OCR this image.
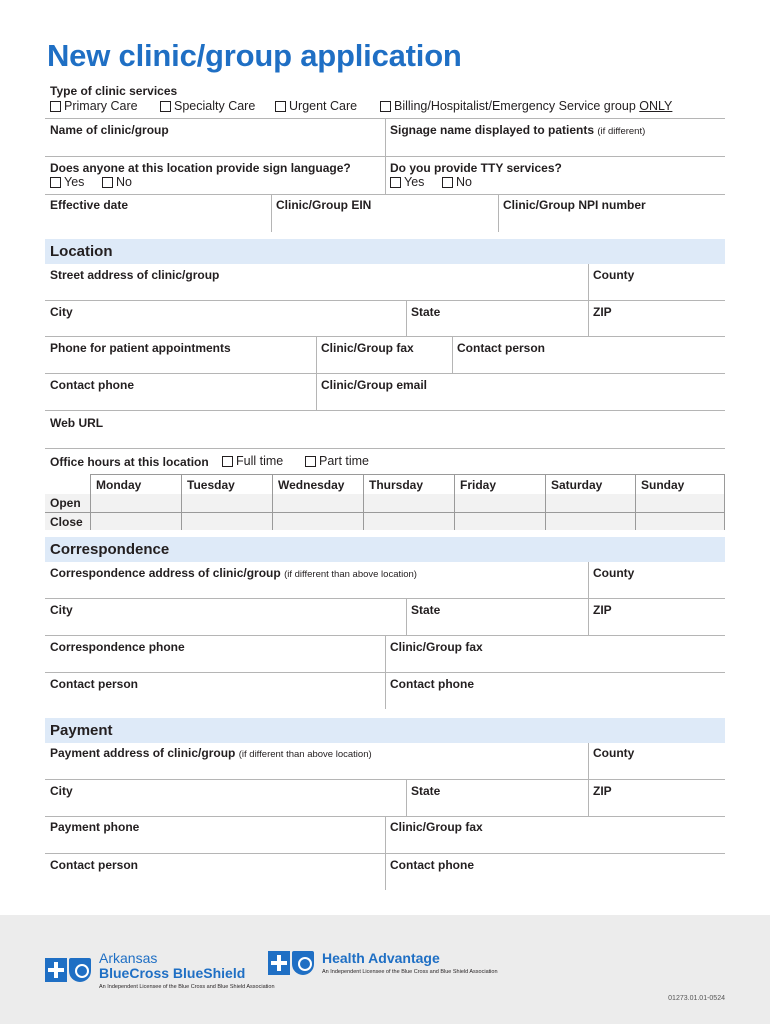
New clinic/group application
Type of clinic services
Primary Care	Specialty Care	Urgent Care	Billing/Hospitalist/Emergency Service group
ONLY
Name of clinic/group	Signage name displayed to patients (if different)
Does anyone at this location provide sign language?
Yes	No
Do you provide TTY services?
Yes	No
Effective date	Clinic/Group EIN	Clinic/Group NPI number
Location
Street address of clinic/group	County
City	State	ZIP
Phone for patient appointments	Clinic/Group fax	Contact person
Contact phone	Clinic/Group email
Web URL
Office hours at this location Full time	Part time
Monday	Tuesday	Wednesday	Thursday	Friday	Saturday	Sunday
Open
Close
Correspondence
Correspondence address of clinic/group (if different than above location)	County
City	State	ZIP
Correspondence phone	Clinic/Group fax
Contact person	Contact phone
Payment
Payment address of clinic/group (if different than above location)	County
City	State	ZIP
Payment phone	Clinic/Group fax
Contact person	Contact phone
Arkansas
BlueCross BlueShield
An Independent Licensee of the Blue Cross and Blue Shield Association
Health Advantage
An Independent Licensee of the Blue Cross and Blue Shield Association
01273.01.01-0524
